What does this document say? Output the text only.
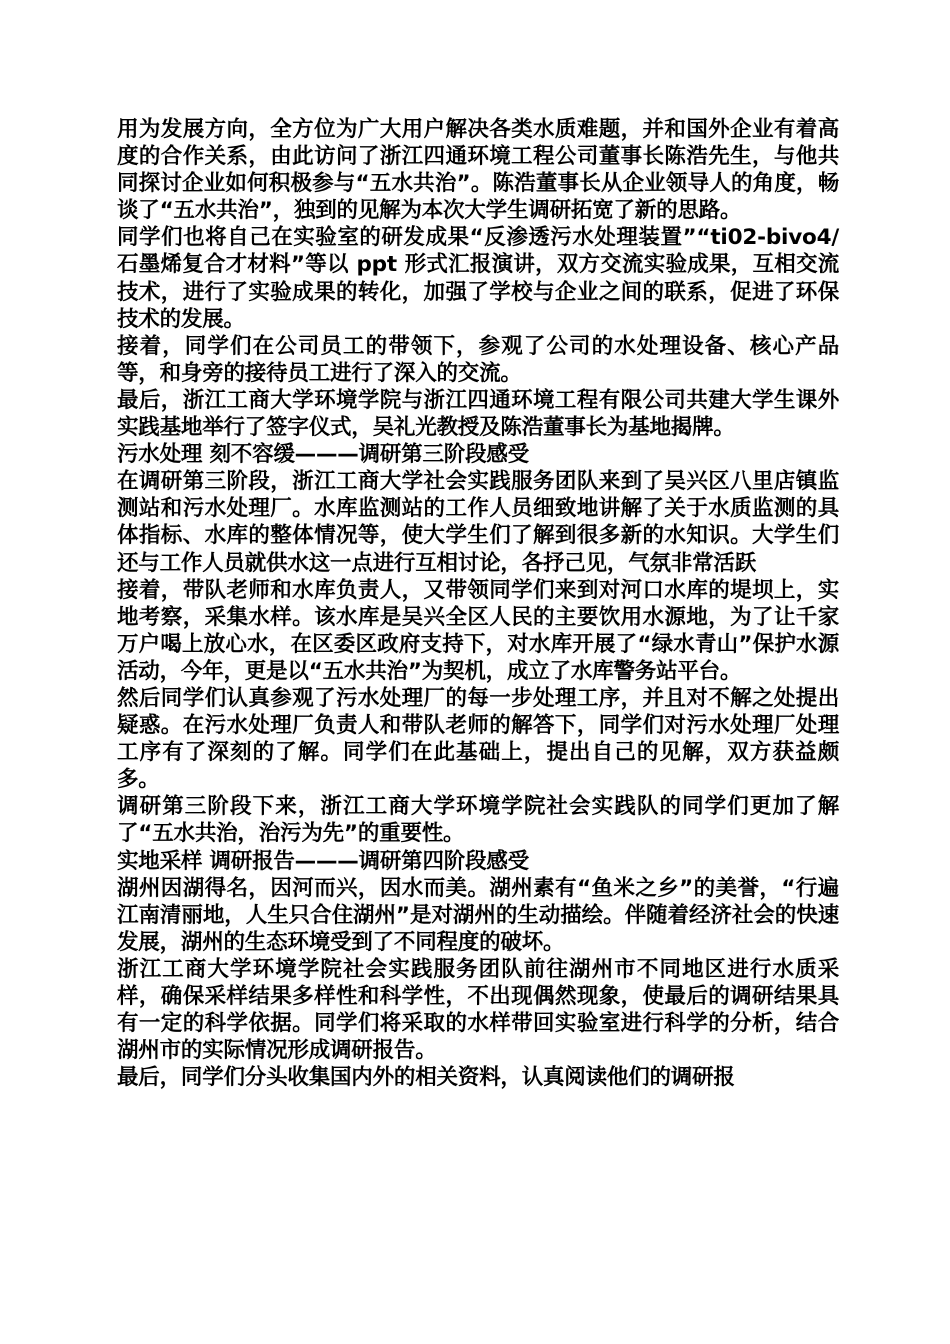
用为发展方向，全方位为广大用户解决各类水质难题，并和国外企业有着高度的合作关系，由此访问了浙江四通环境工程公司董事长陈浩先生，与他共同探讨企业如何积极参与“五水共治”。陈浩董事长从企业领导人的角度，畅谈了“五水共治”，独到的见解为本次大学生调研拓宽了新的思路。

同学们也将自己在实验室的研发成果“反渗透污水处理装置”“ti02-bivo4/石墨烯复合才材料”等以 ppt 形式汇报演讲，双方交流实验成果，互相交流技术，进行了实验成果的转化，加强了学校与企业之间的联系，促进了环保技术的发展。

接着，同学们在公司员工的带领下，参观了公司的水处理设备、核心产品等，和身旁的接待员工进行了深入的交流。

最后，浙江工商大学环境学院与浙江四通环境工程有限公司共建大学生课外实践基地举行了签字仪式，吴礼光教授及陈浩董事长为基地揭牌。

污水处理 刻不容缓———调研第三阶段感受

在调研第三阶段，浙江工商大学社会实践服务团队来到了吴兴区八里店镇监测站和污水处理厂。水库监测站的工作人员细致地讲解了关于水质监测的具体指标、水库的整体情况等，使大学生们了解到很多新的水知识。大学生们还与工作人员就供水这一点进行互相讨论，各抒己见，气氛非常活跃

接着，带队老师和水库负责人，又带领同学们来到对河口水库的堤坝上，实地考察，采集水样。该水库是吴兴全区人民的主要饮用水源地，为了让千家万户喝上放心水，在区委区政府支持下，对水库开展了“绿水青山”保护水源活动，今年，更是以“五水共治”为契机，成立了水库警务站平台。

然后同学们认真参观了污水处理厂的每一步处理工序，并且对不解之处提出疑惑。在污水处理厂负责人和带队老师的解答下，同学们对污水处理厂处理工序有了深刻的了解。同学们在此基础上，提出自己的见解，双方获益颇多。

调研第三阶段下来，浙江工商大学环境学院社会实践队的同学们更加了解了“五水共治，治污为先”的重要性。

实地采样 调研报告———调研第四阶段感受

湖州因湖得名，因河而兴，因水而美。湖州素有“鱼米之乡”的美誉，“行遍江南清丽地，人生只合住湖州”是对湖州的生动描绘。伴随着经济社会的快速发展，湖州的生态环境受到了不同程度的破坏。

浙江工商大学环境学院社会实践服务团队前往湖州市不同地区进行水质采样，确保采样结果多样性和科学性，不出现偶然现象，使最后的调研结果具有一定的科学依据。同学们将采取的水样带回实验室进行科学的分析，结合湖州市的实际情况形成调研报告。

最后，同学们分头收集国内外的相关资料，认真阅读他们的调研报
